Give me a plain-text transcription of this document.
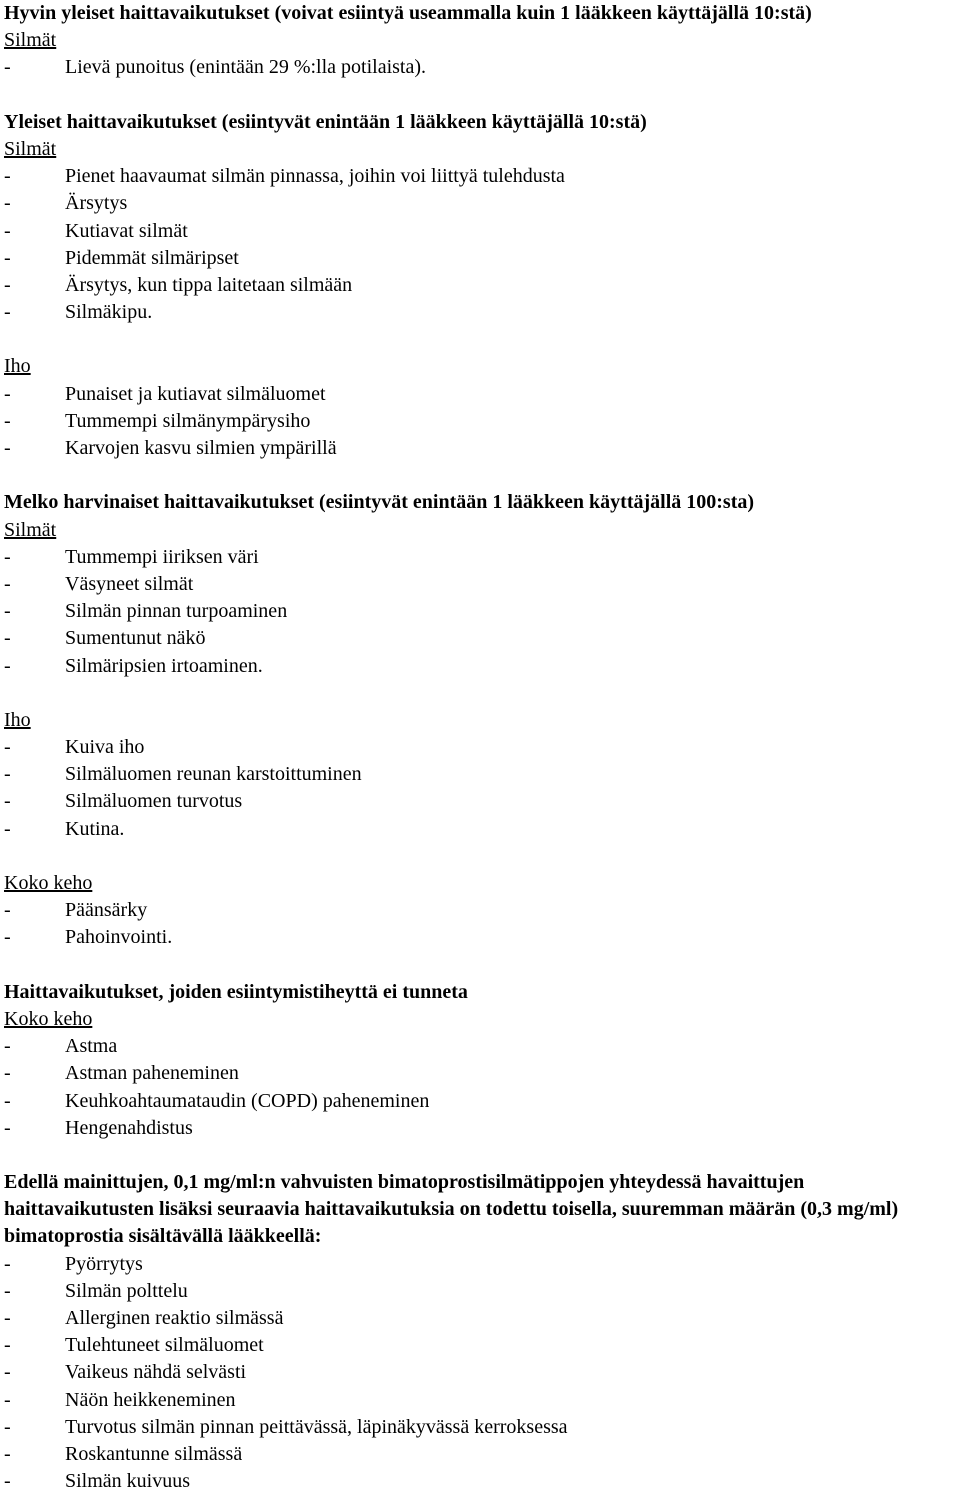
Hyvin yleiset haittavaikutukset (voivat esiintyä useammalla kuin 1 lääkkeen käyttäjällä 10:stä)
Silmät
-	Lievä punoitus (enintään 29 %:lla potilaista).
Yleiset haittavaikutukset (esiintyvät enintään 1 lääkkeen käyttäjällä 10:stä)
Silmät
-	Pienet haavaumat silmän pinnassa, joihin voi liittyä tulehdusta
-	Ärsytys
-	Kutiavat silmät
-	Pidemmät silmäripset
-	Ärsytys, kun tippa laitetaan silmään
-	Silmäkipu.
Iho
-	Punaiset ja kutiavat silmäluomet
-	Tummempi silmänympärysiho
-	Karvojen kasvu silmien ympärillä
Melko harvinaiset haittavaikutukset (esiintyvät enintään 1 lääkkeen käyttäjällä 100:sta)
Silmät
-	Tummempi iiriksen väri
-	Väsyneet silmät
-	Silmän pinnan turpoaminen
-	Sumentunut näkö
-	Silmäripsien irtoaminen.
Iho
-	Kuiva iho
-	Silmäluomen reunan karstoittuminen
-	Silmäluomen turvotus
-	Kutina.
Koko keho
-	Päänsärky
-	Pahoinvointi.
Haittavaikutukset, joiden esiintymistiheyttä ei tunneta
Koko keho
-	Astma
-	Astman paheneminen
-	Keuhkoahtaumataudin (COPD) paheneminen
-	Hengenahdistus
Edellä mainittujen, 0,1 mg/ml:n vahvuisten bimatoprostisilmätippojen yhteydessä havaittujen haittavaikutusten lisäksi seuraavia haittavaikutuksia on todettu toisella, suuremman määrän (0,3 mg/ml) bimatoprostia sisältävällä lääkkeellä:
-	Pyörrytys
-	Silmän polttelu
-	Allerginen reaktio silmässä
-	Tulehtuneet silmäluomet
-	Vaikeus nähdä selvästi
-	Näön heikkeneminen
-	Turvotus silmän pinnan peittävässä, läpinäkyvässä kerroksessa
-	Roskantunne silmässä
-	Silmän kuivuus
